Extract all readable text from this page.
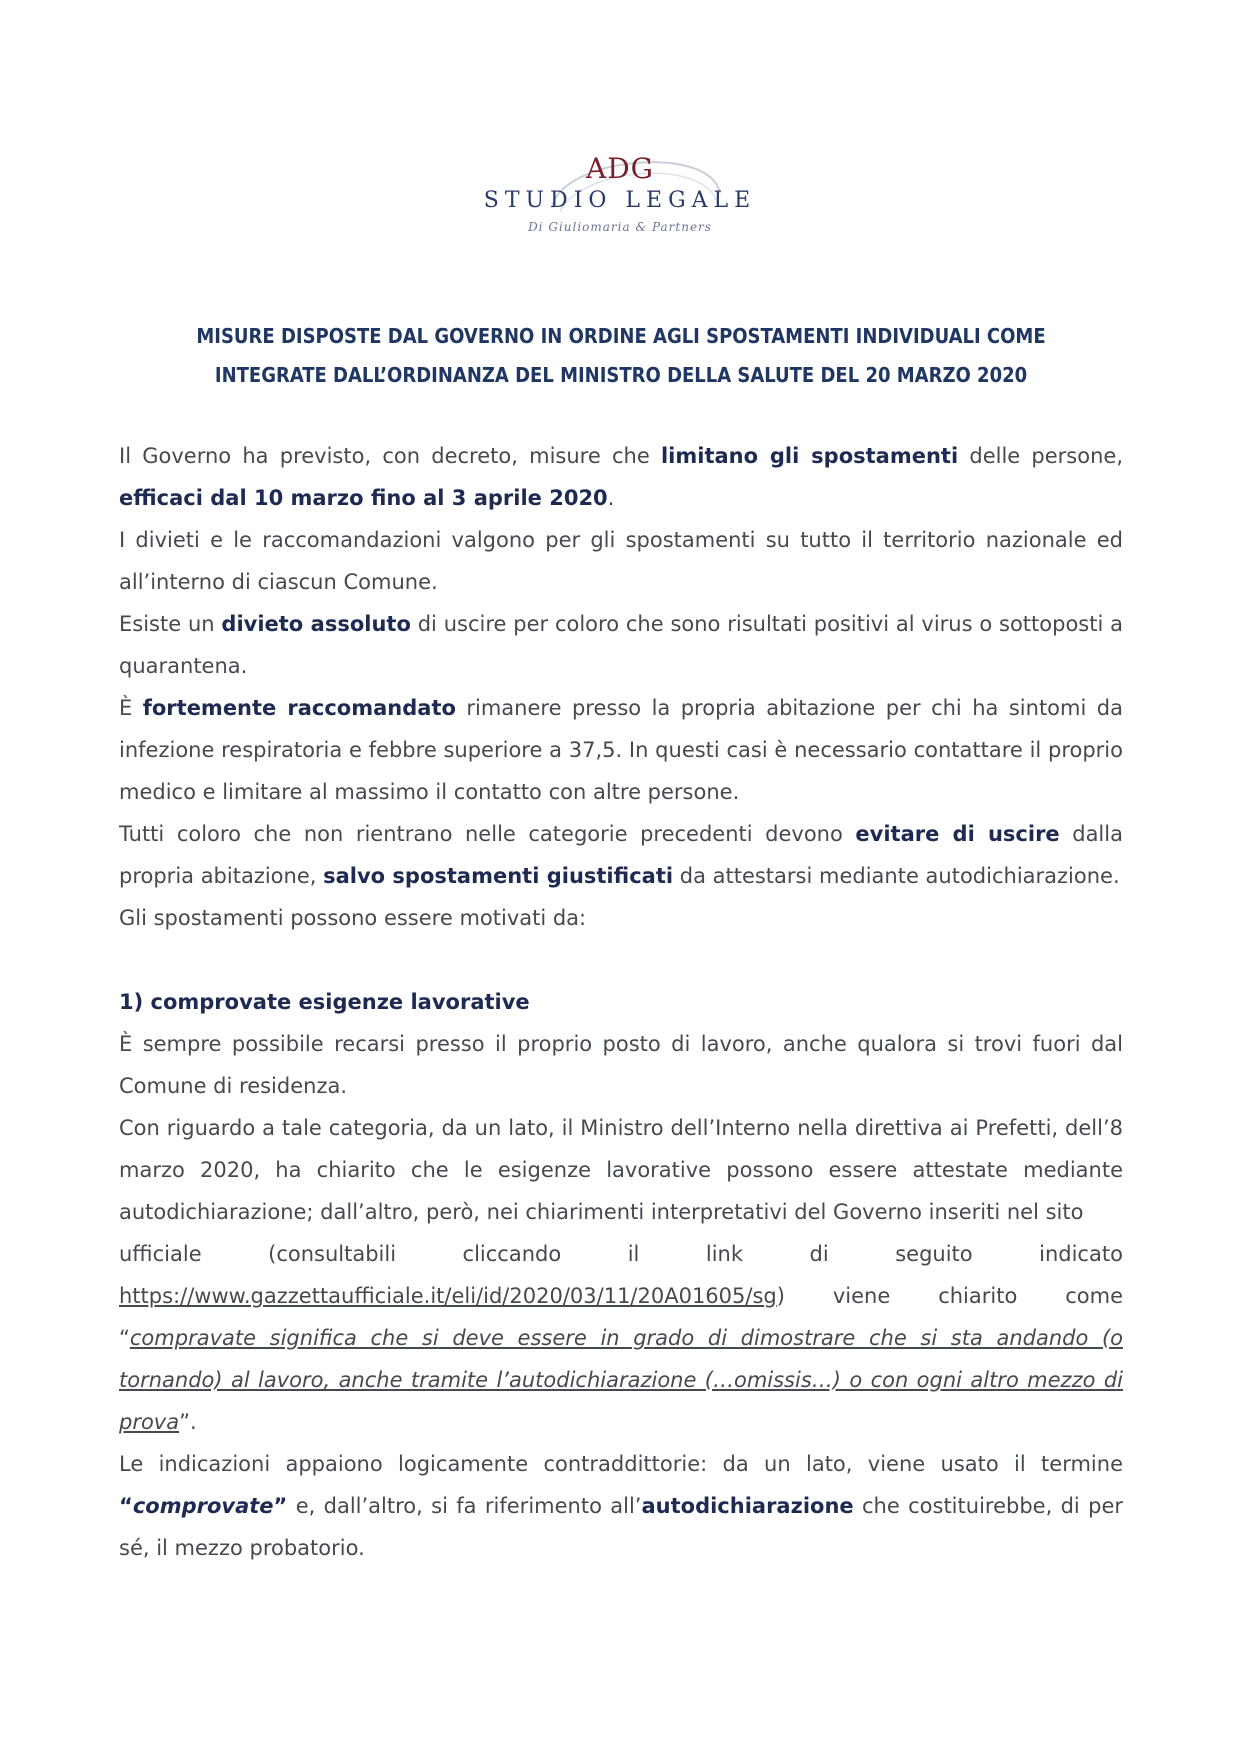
ADG
STUDIO LEGALE
Di Giuliomaria & Partners
MISURE DISPOSTE DAL GOVERNO IN ORDINE AGLI SPOSTAMENTI INDIVIDUALI COME
INTEGRATE DALL’ORDINANZA DEL MINISTRO DELLA SALUTE DEL 20 MARZO 2020

Il Governo ha previsto, con decreto, misure che limitano gli spostamenti delle persone, efficaci dal 10 marzo fino al 3 aprile 2020.

I divieti e le raccomandazioni valgono per gli spostamenti su tutto il territorio nazionale ed all’interno di ciascun Comune.

Esiste un divieto assoluto di uscire per coloro che sono risultati positivi al virus o sottoposti a quarantena.

È fortemente raccomandato rimanere presso la propria abitazione per chi ha sintomi da infezione respiratoria e febbre superiore a 37,5. In questi casi è necessario contattare il proprio medico e limitare al massimo il contatto con altre persone.

Tutti coloro che non rientrano nelle categorie precedenti devono evitare di uscire dalla propria abitazione, salvo spostamenti giustificati da attestarsi mediante autodichiarazione.

Gli spostamenti possono essere motivati da:

1) comprovate esigenze lavorative

È sempre possibile recarsi presso il proprio posto di lavoro, anche qualora si trovi fuori dal Comune di residenza.

Con riguardo a tale categoria, da un lato, il Ministro dell’Interno nella direttiva ai Prefetti, dell’8 marzo 2020, ha chiarito che le esigenze lavorative possono essere attestate mediante autodichiarazione; dall’altro, però, nei chiarimenti interpretativi del Governo inseriti nel sito

ufficiale	(consultabili	cliccando	il	link	di	seguito	indicato

https://www.gazzettaufficiale.it/eli/id/2020/03/11/20A01605/sg) viene chiarito come “compravate significa che si deve essere in grado di dimostrare che si sta andando (o tornando) al lavoro, anche tramite l’autodichiarazione (…omissis…) o con ogni altro mezzo di prova”.

Le indicazioni appaiono logicamente contraddittorie: da un lato, viene usato il termine “comprovate” e, dall’altro, si fa riferimento all’autodichiarazione che costituirebbe, di per sé, il mezzo probatorio.
